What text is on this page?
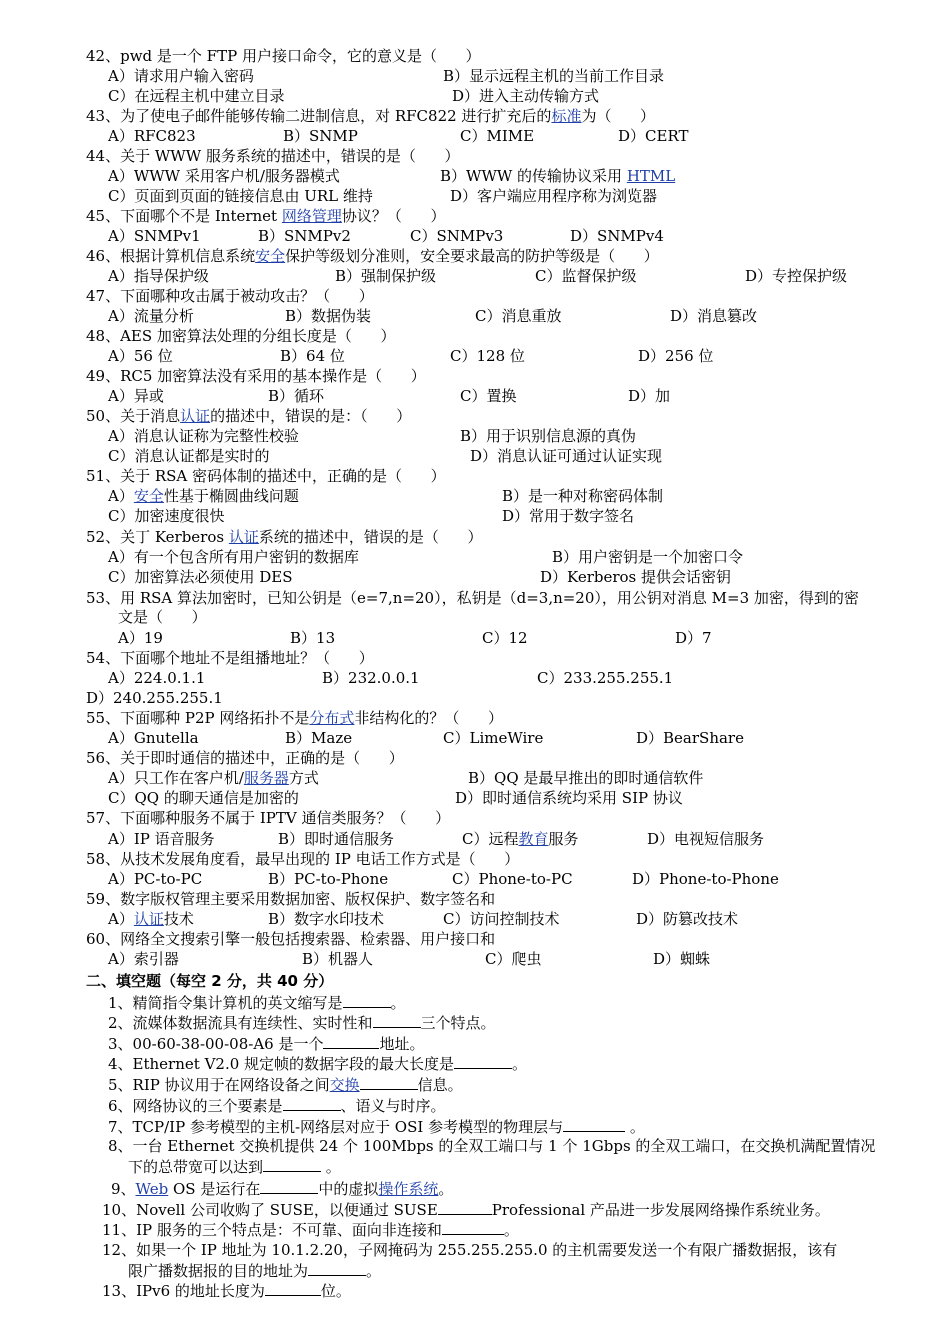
42、pwd 是一个 FTP 用户接口命令，它的意义是（      ）
A）请求用户输入密码	B）显示远程主机的当前工作目录
C）在远程主机中建立目录	D）进入主动传输方式
43、为了使电子邮件能够传输二进制信息，对 RFC822 进行扩充后的标准为（      ）
A）RFC823	B）SNMP	C）MIME	D）CERT
44、关于 WWW 服务系统的描述中，错误的是（      ）
A）WWW 采用客户机/服务器模式	B）WWW 的传输协议采用 HTML
C）页面到页面的链接信息由 URL 维持	D）客户端应用程序称为浏览器
45、下面哪个不是 Internet 网络管理协议？（      ）
A）SNMPv1	B）SNMPv2	C）SNMPv3	D）SNMPv4
46、根据计算机信息系统安全保护等级划分准则，安全要求最高的防护等级是（      ）
A）指导保护级	B）强制保护级	C）监督保护级	D）专控保护级
47、下面哪种攻击属于被动攻击？（      ）
A）流量分析	B）数据伪装	C）消息重放	D）消息篡改
48、AES 加密算法处理的分组长度是（      ）
A）56 位	B）64 位	C）128 位	D）256 位
49、RC5 加密算法没有采用的基本操作是（      ）
A）异或	B）循环	C）置换	D）加
50、关于消息认证的描述中，错误的是：（      ）
A）消息认证称为完整性校验	B）用于识别信息源的真伪
C）消息认证都是实时的	D）消息认证可通过认证实现
51、关于 RSA 密码体制的描述中，正确的是（      ）
A）安全性基于椭圆曲线问题	B）是一种对称密码体制
C）加密速度很快	D）常用于数字签名
52、关丁 Kerberos 认证系统的描述中，错误的是（      ）
A）有一个包含所有用户密钥的数据库	B）用户密钥是一个加密口令
C）加密算法必须使用 DES	D）Kerberos 提供会话密钥
53、用 RSA 算法加密时，已知公钥是（e=7,n=20），私钥是（d=3,n=20），用公钥对消息 M=3 加密，得到的密
文是（      ）
A）19	B）13	C）12	D）7
54、下面哪个地址不是组播地址？（      ）
A）224.0.1.1	B）232.0.0.1	C）233.255.255.1
D）240.255.255.1
55、下面哪种 P2P 网络拓扑不是分布式非结构化的？（      ）
A）Gnutella	B）Maze	C）LimeWire	D）BearShare
56、关于即时通信的描述中，正确的是（      ）
A）只工作在客户机/服务器方式	B）QQ 是最早推出的即时通信软件
C）QQ 的聊天通信是加密的	D）即时通信系统均采用 SIP 协议
57、下面哪种服务不属于 IPTV 通信类服务？（      ）
A）IP 语音服务	B）即时通信服务	C）远程教育服务	D）电视短信服务
58、从技术发展角度看，最早出现的 IP 电话工作方式是（      ）
A）PC-to-PC	B）PC-to-Phone	C）Phone-to-PC	D）Phone-to-Phone
59、数字版权管理主要采用数据加密、版权保护、数字签名和
A）认证技术	B）数字水印技术	C）访问控制技术	D）防篡改技术
60、网络全文搜索引擎一般包括搜索器、检索器、用户接口和
A）索引器	B）机器人	C）爬虫	D）蜘蛛
二、填空题（每空 2 分，共 40 分）
1、精简指令集计算机的英文缩写是	。
2、流媒体数据流具有连续性、实时性和	三个特点。
3、00-60-38-00-08-A6 是一个	地址。
4、Ethernet V2.0 规定帧的数据字段的最大长度是	。
5、RIP 协议用于在网络设备之间交换	信息。
6、网络协议的三个要素是	、语义与时序。
7、TCP/IP 参考模型的主机-网络层对应于 OSI 参考模型的物理层与	。
8、一台 Ethernet 交换机提供 24 个 100Mbps 的全双工端口与 1 个 1Gbps 的全双工端口，在交换机满配置情况
下的总带宽可以达到	。
9、Web OS 是运行在	中的虚拟操作系统。
10、Novell 公司收购了 SUSE，以便通过 SUSE	Professional 产品进一步发展网络操作系统业务。
11、IP 服务的三个特点是：不可靠、面向非连接和	。
12、如果一个 IP 地址为 10.1.2.20，子网掩码为 255.255.255.0 的主机需要发送一个有限广播数据报，该有
限广播数据报的目的地址为	。
13、IPv6 的地址长度为	位。
